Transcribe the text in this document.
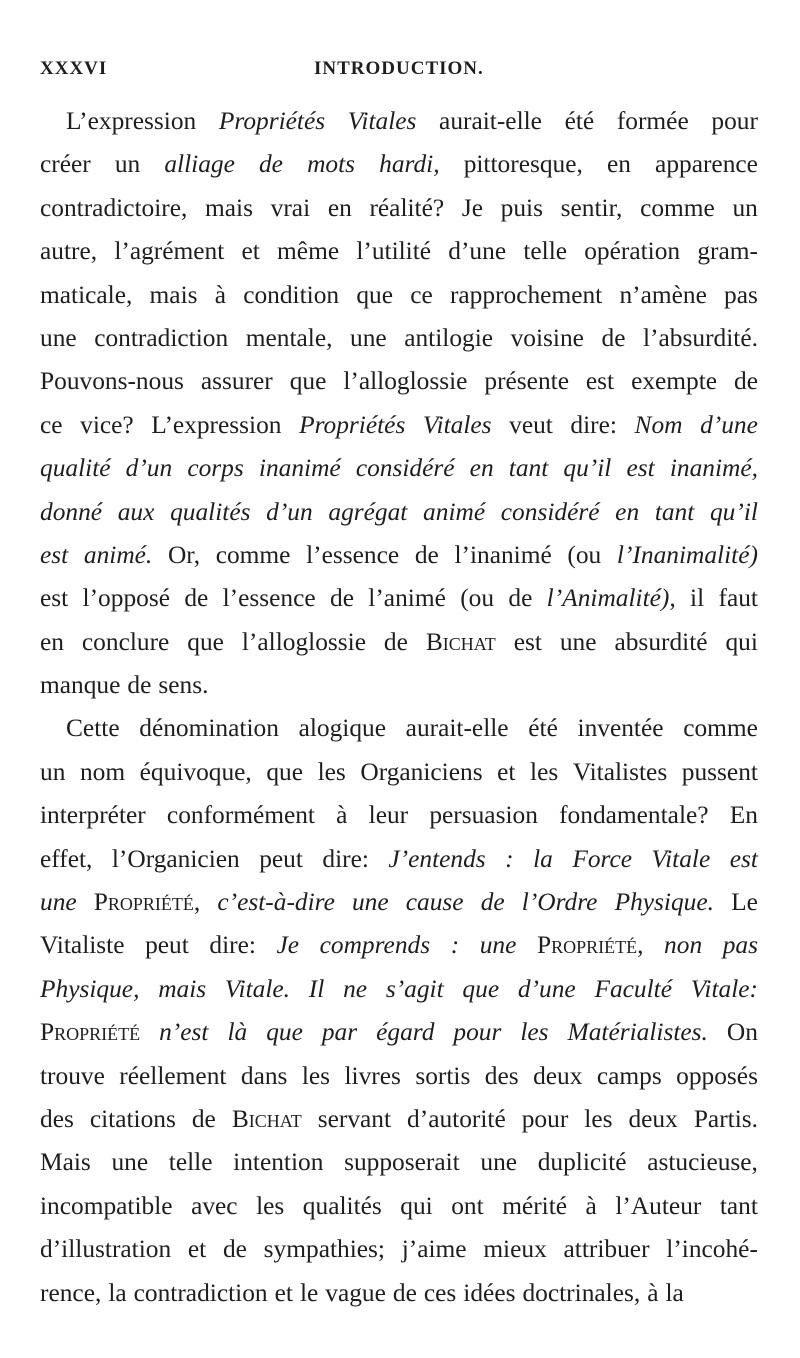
XXXVI	INTRODUCTION.
L’expression Propriétés Vitales aurait-elle été formée pour
créer un alliage de mots hardi, pittoresque, en apparence
contradictoire, mais vrai en réalité? Je puis sentir, comme un
autre, l’agrément et même l’utilité d’une telle opération gram-
maticale, mais à condition que ce rapprochement n’amène pas
une contradiction mentale, une antilogie voisine de l’absurdité.
Pouvons-nous assurer que l’alloglossie présente est exempte de
ce vice? L’expression Propriétés Vitales veut dire: Nom d’une
qualité d’un corps inanimé considéré en tant qu’il est inanimé,
donné aux qualités d’un agrégat animé considéré en tant qu’il
est animé. Or, comme l’essence de l’inanimé (ou l’Inanimalité)
est l’opposé de l’essence de l’animé (ou de l’Animalité), il faut
en conclure que l’alloglossie de Bichat est une absurdité qui
manque de sens.
Cette dénomination alogique aurait-elle été inventée comme
un nom équivoque, que les Organiciens et les Vitalistes pussent
interpréter conformément à leur persuasion fondamentale? En
effet, l’Organicien peut dire: J’entends : la Force Vitale est
une Propriété, c’est-à-dire une cause de l’Ordre Physique. Le
Vitaliste peut dire: Je comprends : une Propriété, non pas
Physique, mais Vitale. Il ne s’agit que d’une Faculté Vitale:
Propriété n’est là que par égard pour les Matérialistes. On
trouve réellement dans les livres sortis des deux camps opposés
des citations de Bichat servant d’autorité pour les deux Partis.
Mais une telle intention supposerait une duplicité astucieuse,
incompatible avec les qualités qui ont mérité à l’Auteur tant
d’illustration et de sympathies; j’aime mieux attribuer l’incohé-
rence, la contradiction et le vague de ces idées doctrinales, à la
